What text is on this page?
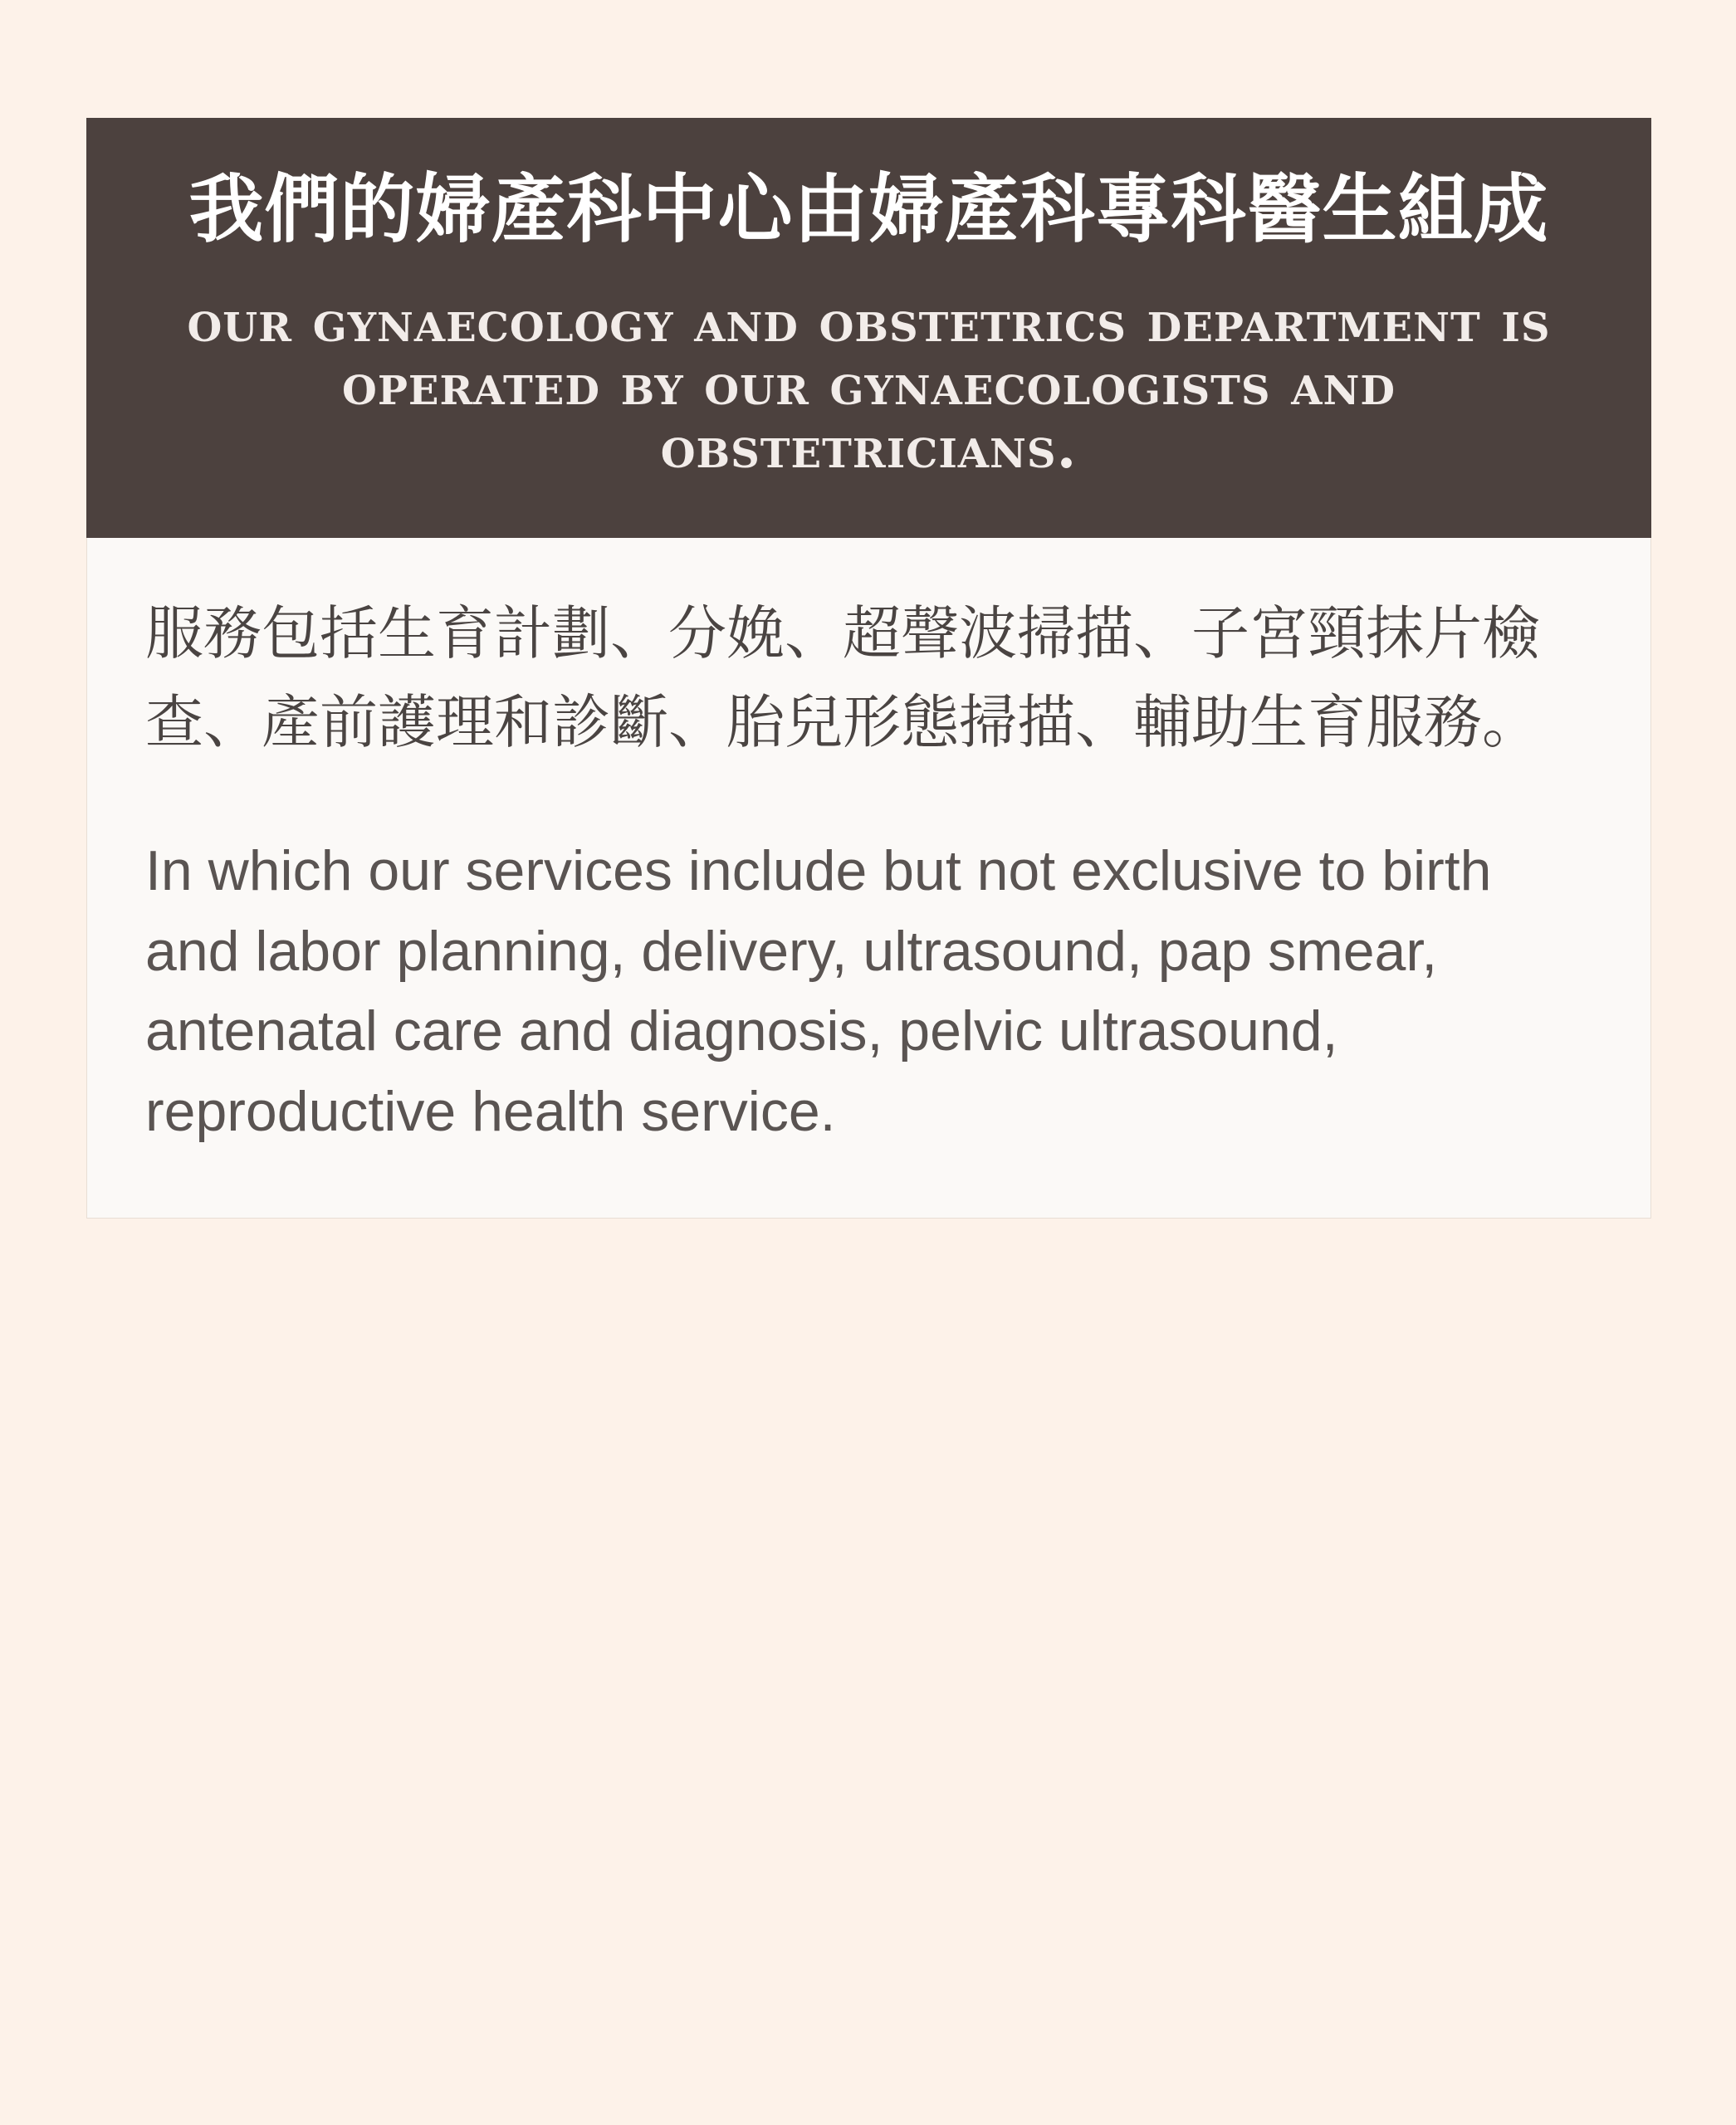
我們的婦產科中心由婦產科專科醫生組成
our gynaecology and obstetrics department is operated by our gynaecologists and obstetricians.

服務包括生育計劃、分娩、超聲波掃描、子宮頸抹片檢查、產前護理和診斷、胎兒形態掃描、輔助生育服務。

In which our services include but not exclusive to birth and labor planning, delivery, ultrasound, pap smear, antenatal care and diagnosis, pelvic ultrasound, reproductive health service.
